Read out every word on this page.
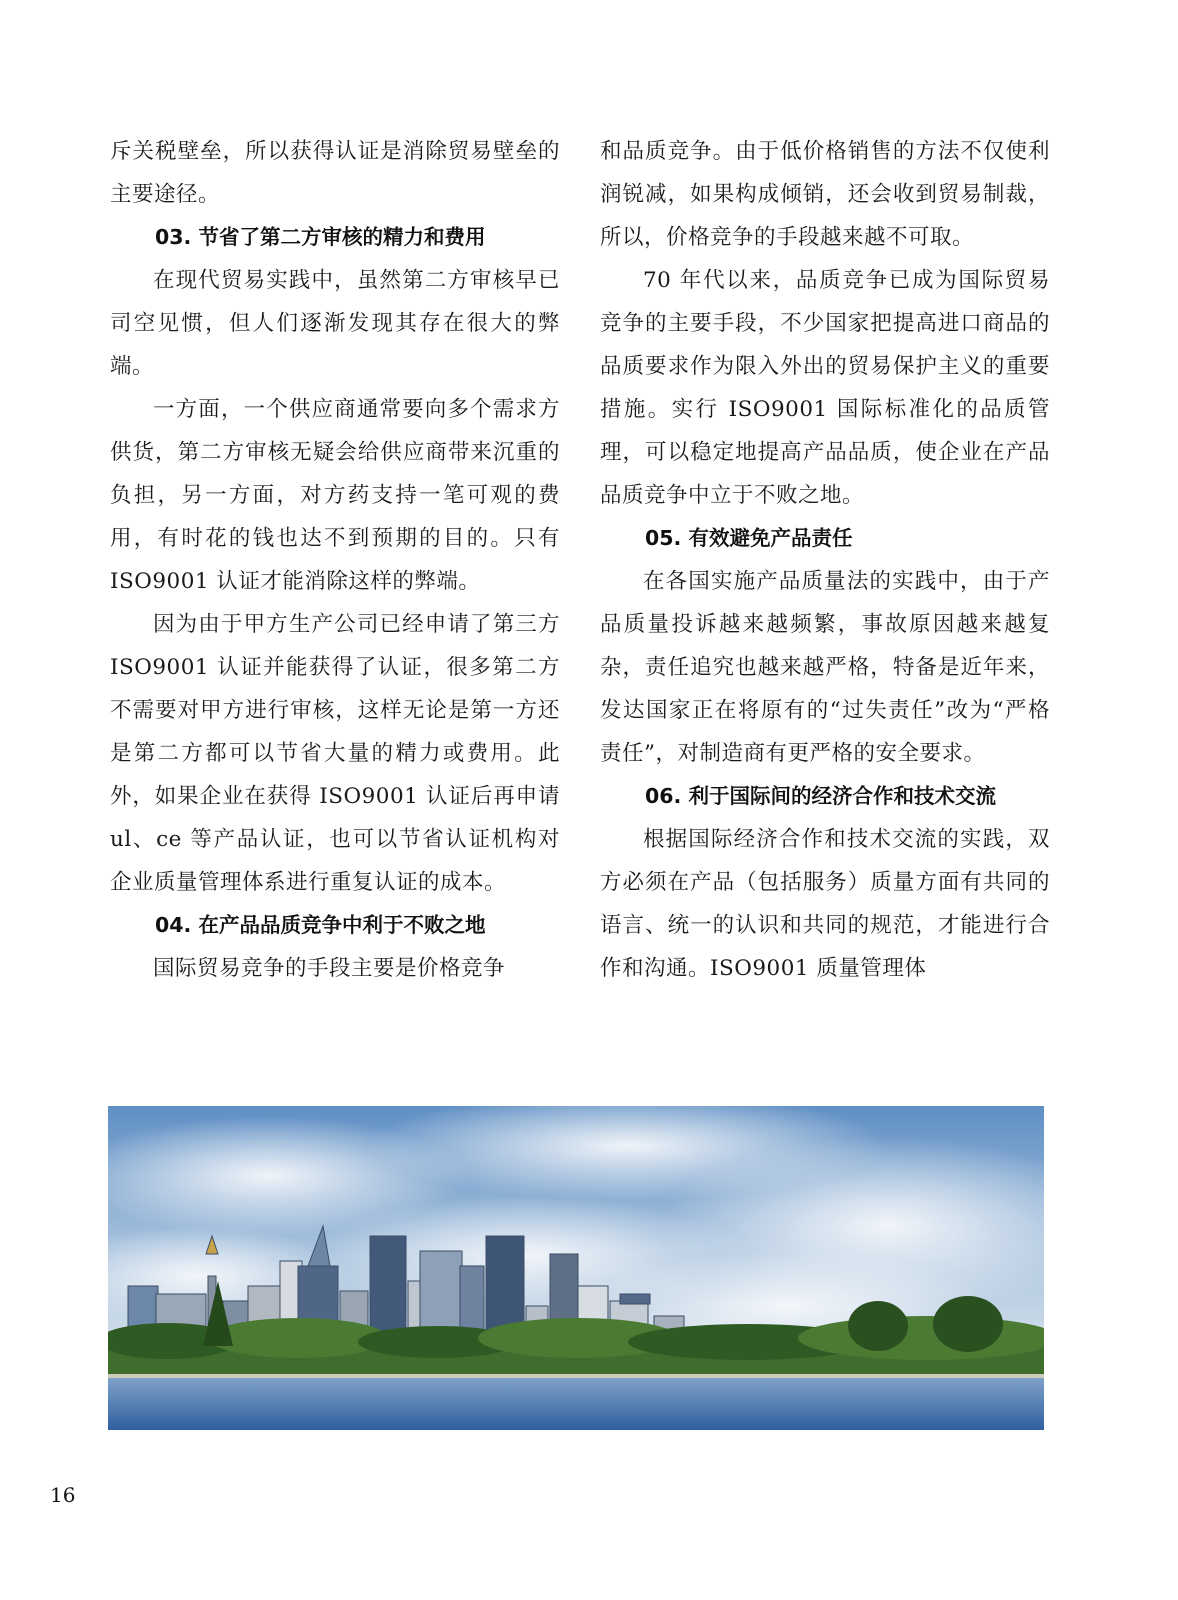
斥关税壁垒，所以获得认证是消除贸易壁垒的主要途径。

03. 节省了第二方审核的精力和费用

在现代贸易实践中，虽然第二方审核早已司空见惯，但人们逐渐发现其存在很大的弊端。

一方面，一个供应商通常要向多个需求方供货，第二方审核无疑会给供应商带来沉重的负担，另一方面，对方药支持一笔可观的费用，有时花的钱也达不到预期的目的。只有 ISO9001 认证才能消除这样的弊端。

因为由于甲方生产公司已经申请了第三方 ISO9001 认证并能获得了认证，很多第二方不需要对甲方进行审核，这样无论是第一方还是第二方都可以节省大量的精力或费用。此外，如果企业在获得 ISO9001 认证后再申请 ul、ce 等产品认证，也可以节省认证机构对企业质量管理体系进行重复认证的成本。

04. 在产品品质竞争中利于不败之地

国际贸易竞争的手段主要是价格竞争

和品质竞争。由于低价格销售的方法不仅使利润锐减，如果构成倾销，还会收到贸易制裁，所以，价格竞争的手段越来越不可取。

70 年代以来，品质竞争已成为国际贸易竞争的主要手段，不少国家把提高进口商品的品质要求作为限入外出的贸易保护主义的重要措施。实行 ISO9001 国际标准化的品质管理，可以稳定地提高产品品质，使企业在产品品质竞争中立于不败之地。

05. 有效避免产品责任

在各国实施产品质量法的实践中，由于产品质量投诉越来越频繁，事故原因越来越复杂，责任追究也越来越严格，特备是近年来，发达国家正在将原有的“过失责任”改为“严格责任”，对制造商有更严格的安全要求。

06. 利于国际间的经济合作和技术交流

根据国际经济合作和技术交流的实践，双方必须在产品（包括服务）质量方面有共同的语言、统一的认识和共同的规范，才能进行合作和沟通。ISO9001 质量管理体

16
